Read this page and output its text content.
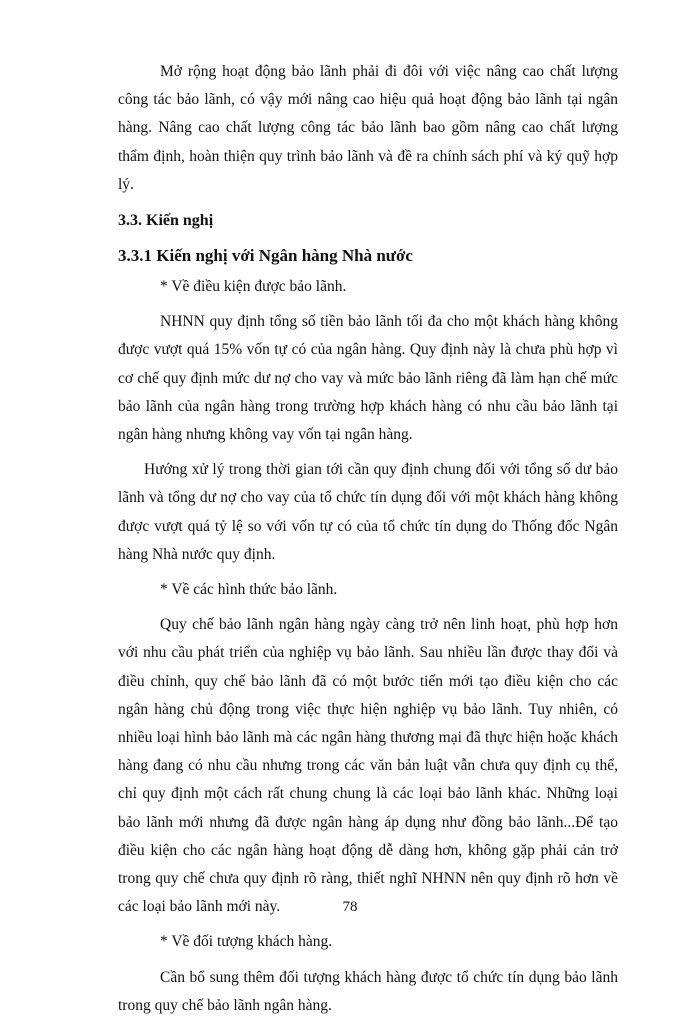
Mở rộng hoạt động bảo lãnh phải đi đôi với việc nâng cao chất lượng công tác bảo lãnh, có vậy mới nâng cao hiệu quả hoạt động bảo lãnh tại ngân hàng. Nâng cao chất lượng công tác bảo lãnh bao gồm nâng cao chất lượng thẩm định, hoàn thiện quy trình bảo lãnh và đề ra chính sách phí và ký quỹ hợp lý.

3.3. Kiến nghị
3.3.1 Kiến nghị với Ngân hàng Nhà nước

* Về điều kiện được bảo lãnh.

NHNN quy định tổng số tiền bảo lãnh tối đa cho một khách hàng không được vượt quá 15% vốn tự có của ngân hàng. Quy định này là chưa phù hợp vì cơ chế quy định mức dư nợ cho vay và mức bảo lãnh riêng đã làm hạn chế mức bảo lãnh của ngân hàng trong trường hợp khách hàng có nhu cầu bảo lãnh tại ngân hàng nhưng không vay vốn tại ngân hàng.

Hướng xử lý trong thời gian tới cần quy định chung đối với tổng số dư bảo lãnh và tổng dư nợ cho vay của tổ chức tín dụng đối với một khách hàng không được vượt quá tỷ lệ so với vốn tự có của tổ chức tín dụng do Thống đốc Ngân hàng Nhà nước quy định.

* Về các hình thức bảo lãnh.

Quy chế bảo lãnh ngân hàng ngày càng trở nên linh hoạt, phù hợp hơn với nhu cầu phát triển của nghiệp vụ bảo lãnh. Sau nhiều lần được thay đổi và điều chỉnh, quy chế bảo lãnh đã có một bước tiến mới tạo điều kiện cho các ngân hàng chủ động trong việc thực hiện nghiệp vụ bảo lãnh. Tuy nhiên, có nhiều loại hình bảo lãnh mà các ngân hàng thương mại đã thực hiện hoặc khách hàng đang có nhu cầu nhưng trong các văn bản luật vẫn chưa quy định cụ thể, chỉ quy định một cách rất chung chung là các loại bảo lãnh khác. Những loại bảo lãnh mới nhưng đã được ngân hàng áp dụng như đồng bảo lãnh...Để tạo điều kiện cho các ngân hàng hoạt động dễ dàng hơn, không gặp phải cản trở trong quy chế chưa quy định rõ ràng, thiết nghĩ NHNN nên quy định rõ hơn về các loại bảo lãnh mới này.

* Về đối tượng khách hàng.

Cần bổ sung thêm đối tượng khách hàng được tổ chức tín dụng bảo lãnh trong quy chế bảo lãnh ngân hàng.

78
